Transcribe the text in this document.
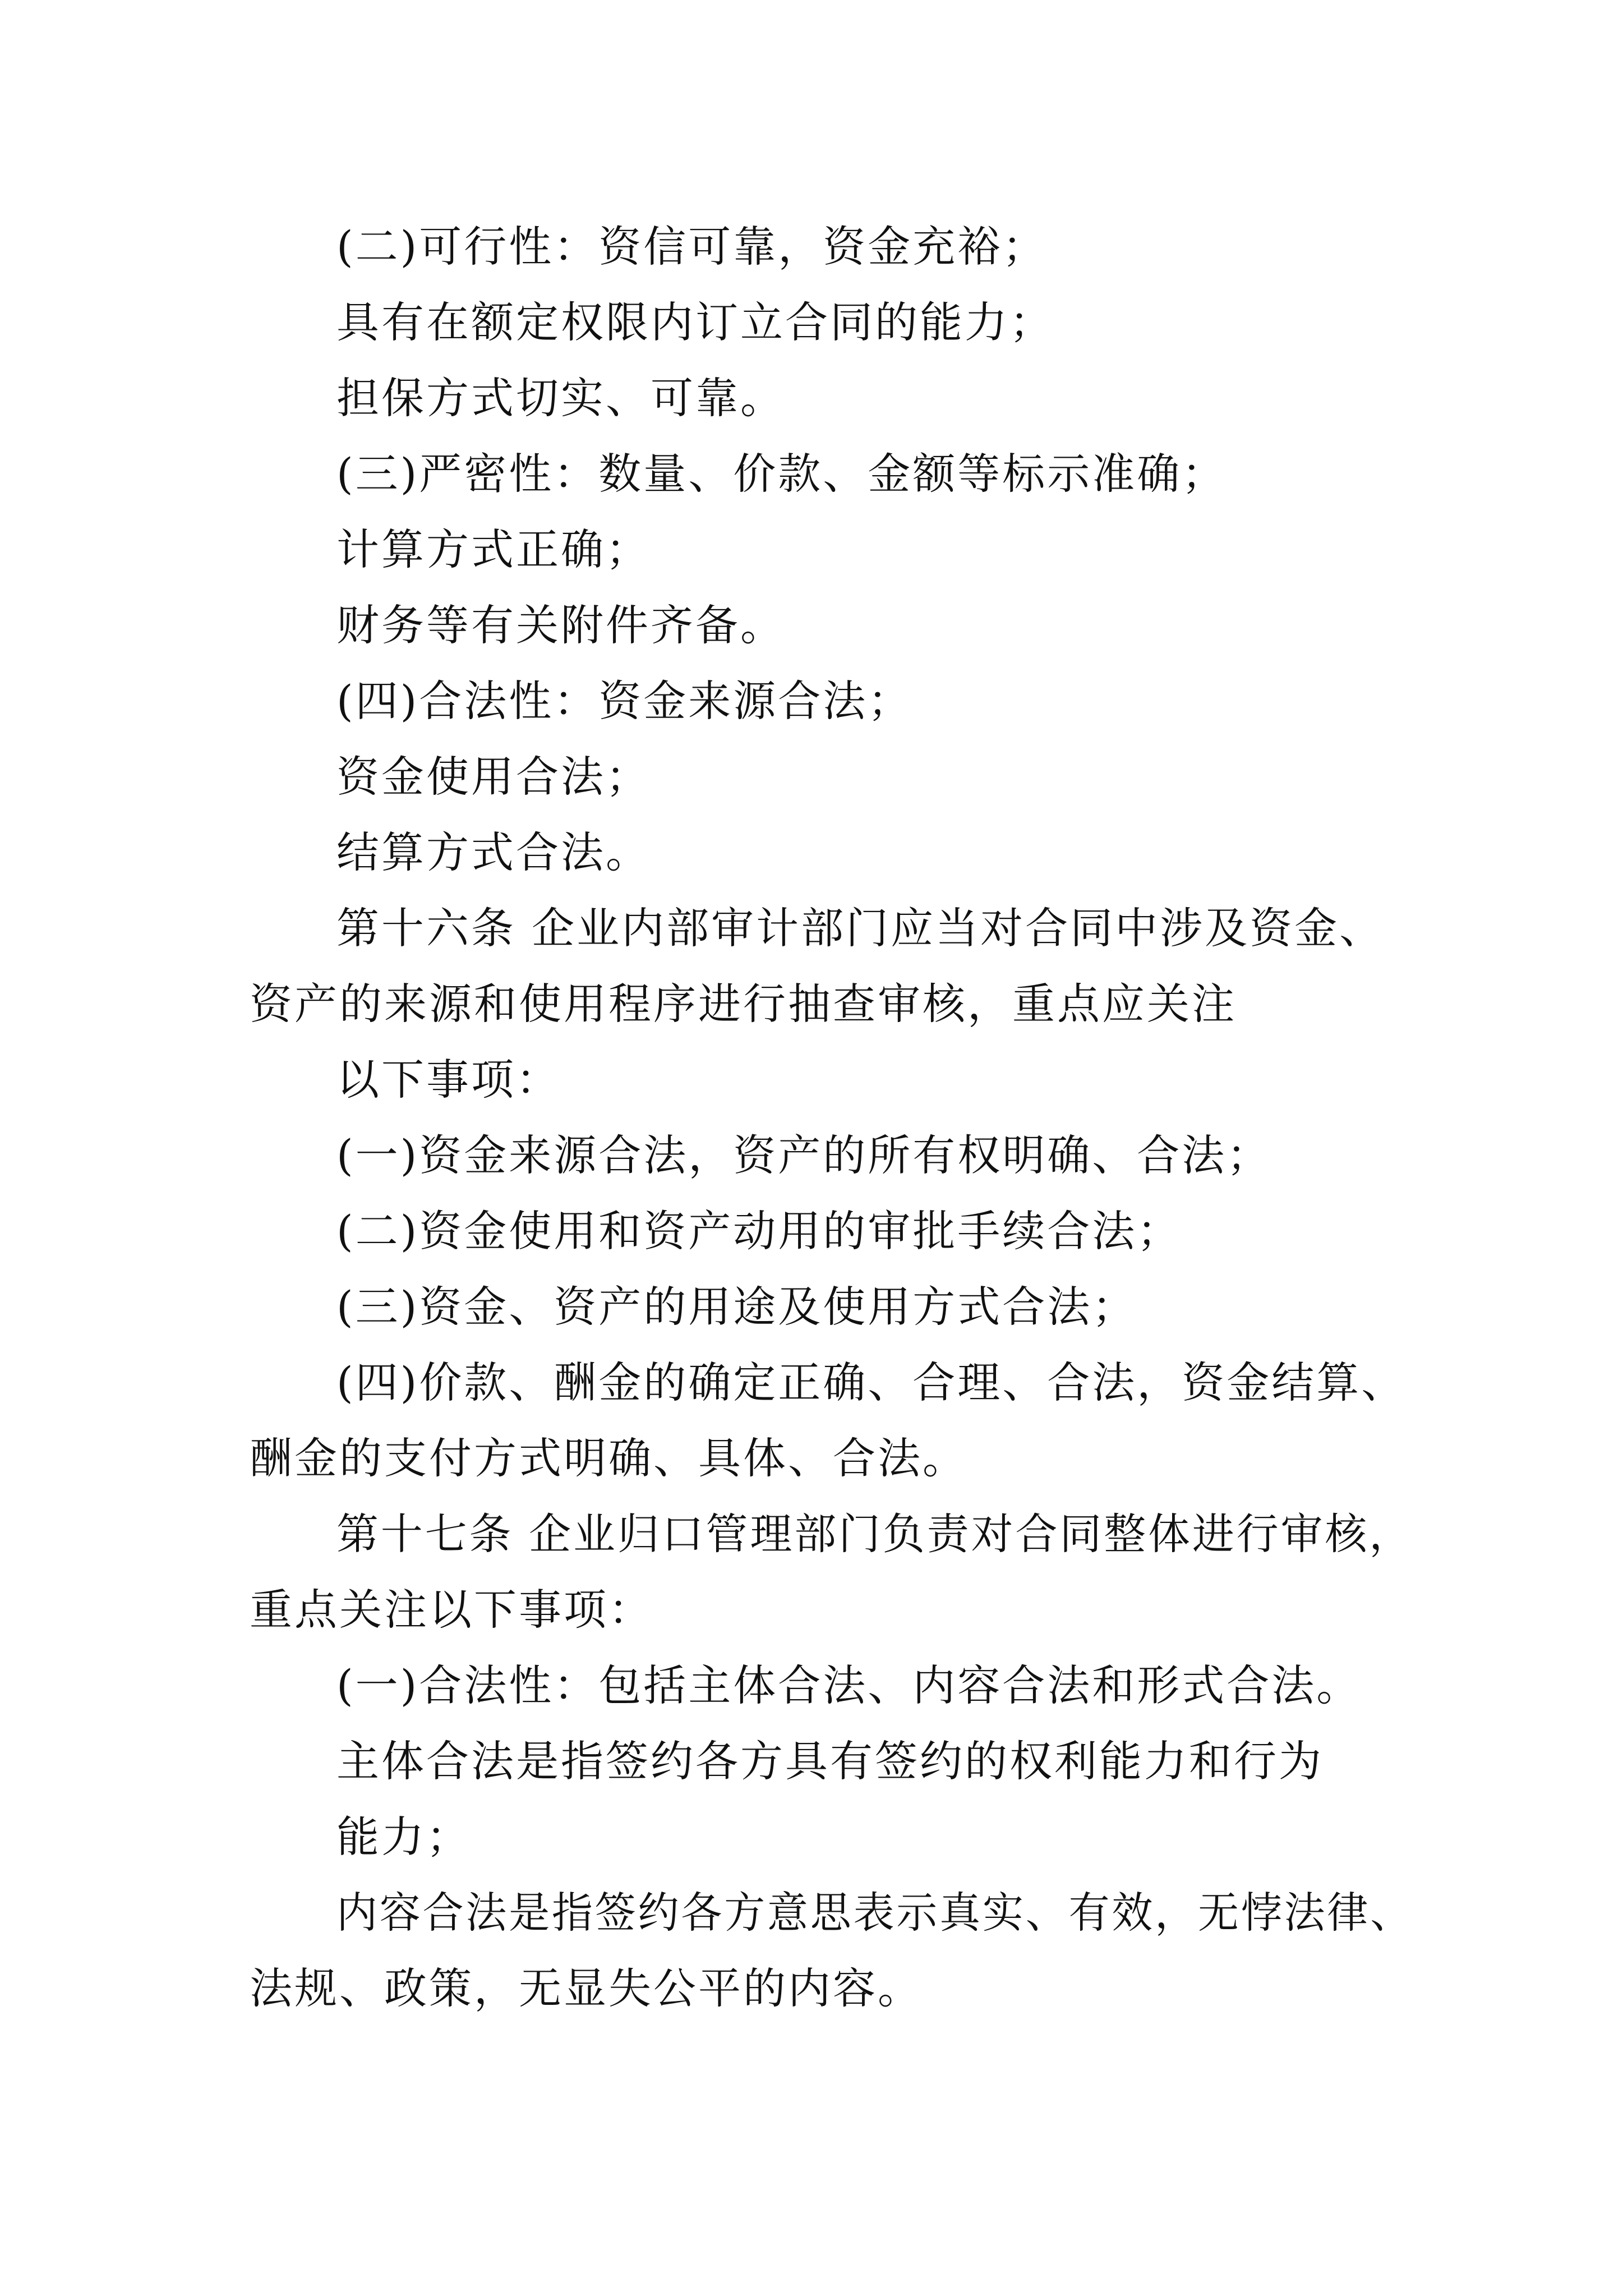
(二)可行性：资信可靠，资金充裕；
具有在额定权限内订立合同的能力；
担保方式切实、可靠。
(三)严密性：数量、价款、金额等标示准确；
计算方式正确；
财务等有关附件齐备。
(四)合法性：资金来源合法；
资金使用合法；
结算方式合法。
第十六条 企业内部审计部门应当对合同中涉及资金、
资产的来源和使用程序进行抽查审核，重点应关注
以下事项：
(一)资金来源合法，资产的所有权明确、合法；
(二)资金使用和资产动用的审批手续合法；
(三)资金、资产的用途及使用方式合法；
(四)价款、酬金的确定正确、合理、合法，资金结算、
酬金的支付方式明确、具体、合法。
第十七条 企业归口管理部门负责对合同整体进行审核，
重点关注以下事项：
(一)合法性：包括主体合法、内容合法和形式合法。
主体合法是指签约各方具有签约的权利能力和行为
能力；
内容合法是指签约各方意思表示真实、有效，无悖法律、
法规、政策，无显失公平的内容。
